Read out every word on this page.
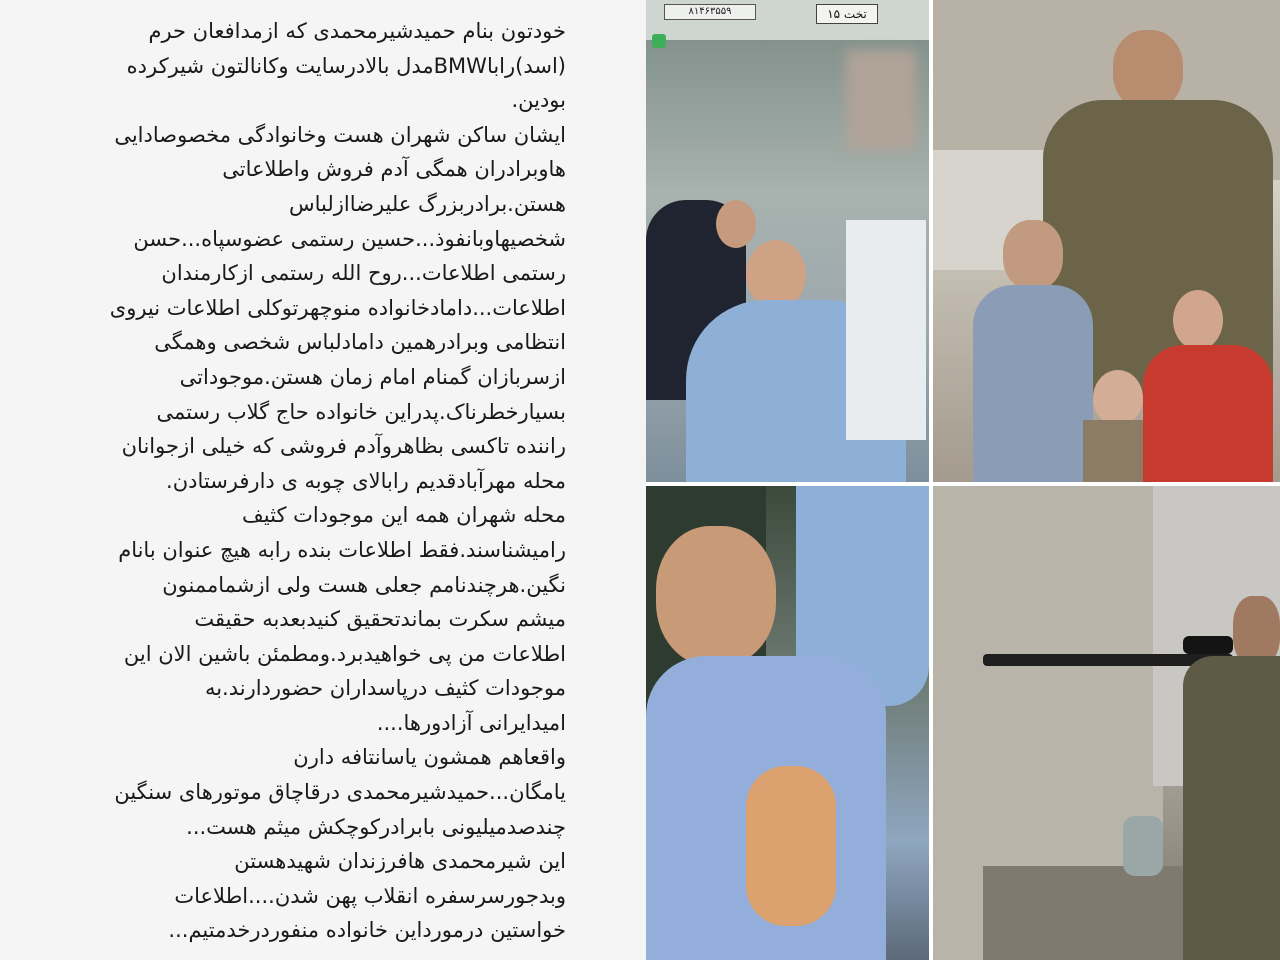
خودتون بنام حمیدشیرمحمدی که ازمدافعان حرم
(اسد)راباBMWمدل بالادرسایت وکانالتون شیرکرده
بودین.
ایشان ساکن شهران هست وخانوادگی مخصوصادایی
هاوبرادران همگی آدم فروش واطلاعاتی
هستن.برادربزرگ علیرضاازلباس
شخصیهاوبانفوذ...حسین رستمی عضوسپاه...حسن
رستمی اطلاعات...روح الله رستمی ازکارمندان
اطلاعات...دامادخانواده منوچهرتوکلی اطلاعات نیروی
انتظامی وبرادرهمین دامادلباس شخصی وهمگی
ازسربازان گمنام امام زمان هستن.موجوداتی
بسیارخطرناک.پدراین خانواده حاج گلاب رستمی
راننده تاکسی بظاهروآدم فروشی که خیلی ازجوانان
محله مهرآبادقدیم رابالای چوبه ی دارفرستادن.
محله شهران همه این موجودات کثیف
رامیشناسند.فقط اطلاعات بنده رابه هیچ عنوان بانام
نگین.هرچندنامم جعلی هست ولی ازشماممنون
میشم سکرت بماندتحقیق کنیدبعدبه حقیقت
اطلاعات من پی خواهیدبرد.ومطمئن باشین الان این
موجودات کثیف درپاسداران حضوردارند.به
امیدایرانی آزادورها....
واقعاهم همشون یاسانتافه دارن
یامگان...حمیدشیرمحمدی درقاچاق موتورهای سنگین
چندصدمیلیونی بابرادرکوچکش میثم هست...
این شیرمحمدی هافرزندان شهیدهستن
وبدجورسرسفره انقلاب پهن شدن....اطلاعات
خواستین درمورداین خانواده منفوردرخدمتیم...

۸۱۴۶۳۵۵۹	تخت ۱۵
